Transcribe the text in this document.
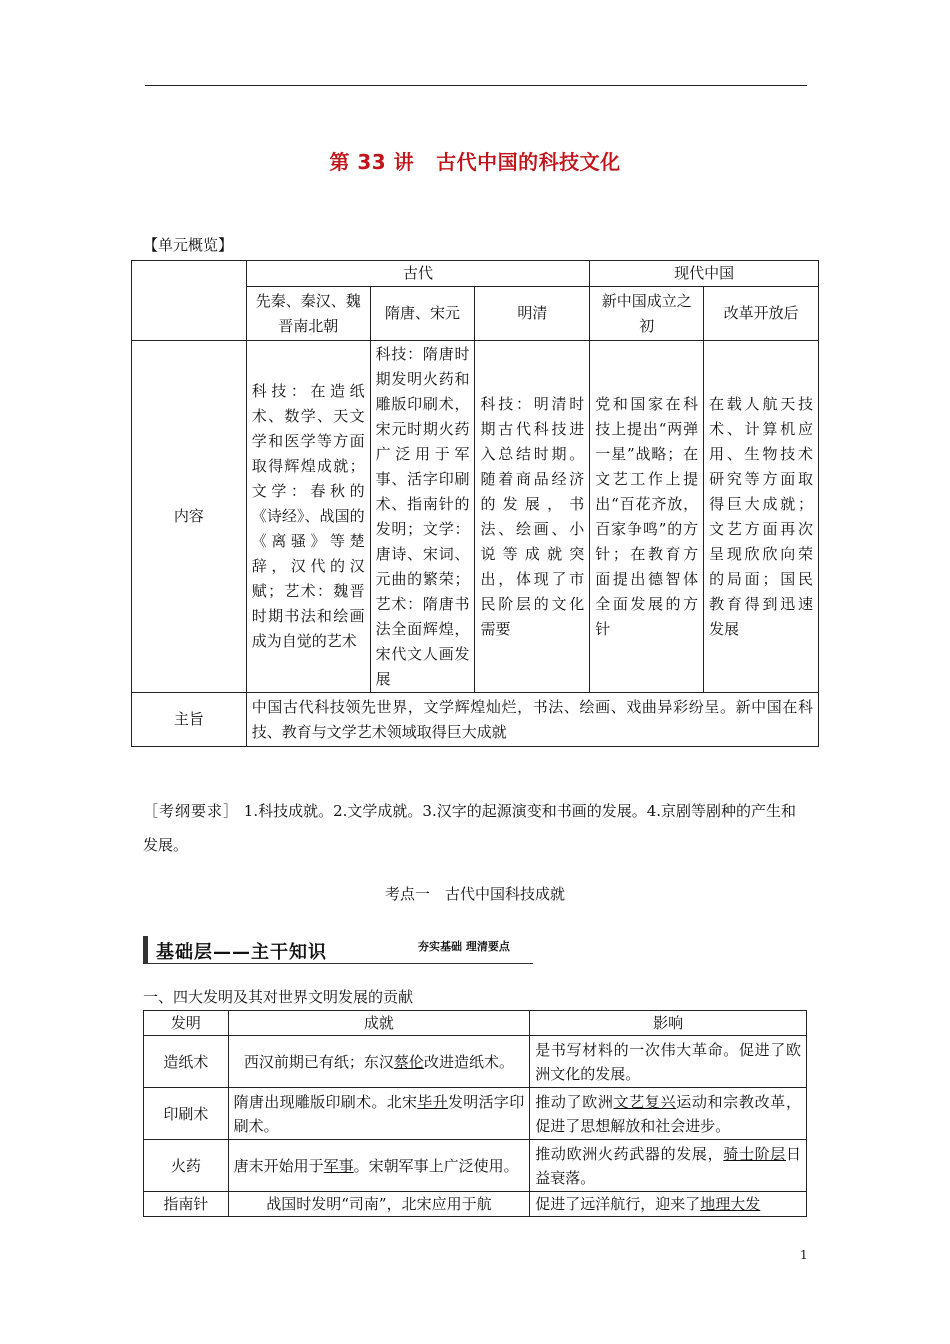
第 33 讲 古代中国的科技文化
【单元概览】
	古代			现代中国	
	先秦、秦汉、魏晋南北朝	隋唐、宋元	明清	新中国成立之初	改革开放后
内容	科技：在造纸术、数学、天文学和医学等方面取得辉煌成就；文学：春秋的《诗经》、战国的《离骚》等楚辞，汉代的汉赋；艺术：魏晋时期书法和绘画成为自觉的艺术	科技：隋唐时期发明火药和雕版印刷术，宋元时期火药广泛用于军事、活字印刷术、指南针的发明；文学：唐诗、宋词、元曲的繁荣；艺术：隋唐书法全面辉煌，宋代文人画发展	科技：明清时期古代科技进入总结时期。随着商品经济的发展，书法、绘画、小说等成就突出，体现了市民阶层的文化需要	党和国家在科技上提出“两弹一星”战略；在文艺工作上提出“百花齐放，百家争鸣”的方针；在教育方面提出德智体全面发展的方针	在载人航天技术、计算机应用、生物技术研究等方面取得巨大成就；文艺方面再次呈现欣欣向荣的局面；国民教育得到迅速发展
主旨	中国古代科技领先世界，文学辉煌灿烂，书法、绘画、戏曲异彩纷呈。新中国在科技、教育与文学艺术领域取得巨大成就				
［考纲要求］ 1.科技成就。2.文学成就。3.汉字的起源演变和书画的发展。4.京剧等剧种的产生和发展。
考点一　古代中国科技成就
基础层——主干知识	夯实基础 理清要点
一、四大发明及其对世界文明发展的贡献
发明	成就	影响
造纸术	西汉前期已有纸；东汉蔡伦改进造纸术。	是书写材料的一次伟大革命。促进了欧洲文化的发展。
印刷术	隋唐出现雕版印刷术。北宋毕升发明活字印刷术。	推动了欧洲文艺复兴运动和宗教改革，促进了思想解放和社会进步。
火药	唐末开始用于军事。宋朝军事上广泛使用。	推动欧洲火药武器的发展，骑士阶层日益衰落。
指南针	战国时发明“司南”，北宋应用于航	促进了远洋航行，迎来了地理大发
1
